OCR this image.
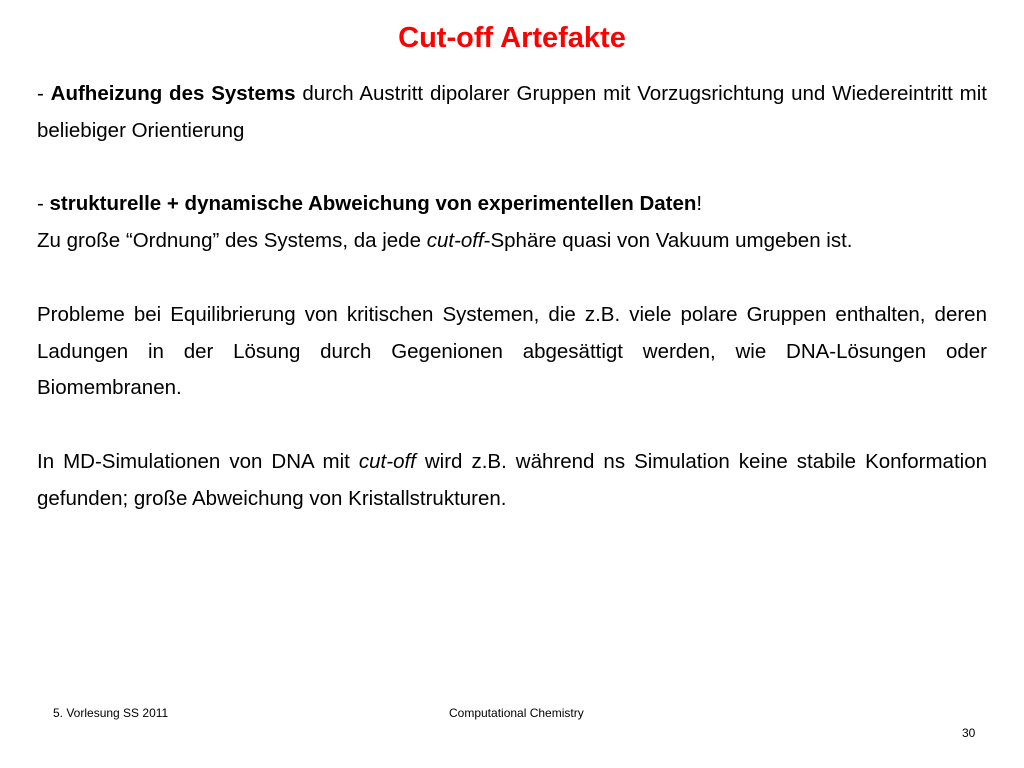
Cut-off Artefakte

- Aufheizung des Systems durch Austritt dipolarer Gruppen mit Vorzugsrichtung und Wiedereintritt mit beliebiger Orientierung

- strukturelle + dynamische Abweichung von experimentellen Daten!

Zu große “Ordnung” des Systems, da jede cut-off-Sphäre quasi von Vakuum umgeben ist.

Probleme bei Equilibrierung von kritischen Systemen, die z.B. viele polare Gruppen enthalten, deren Ladungen in der Lösung durch Gegenionen abgesättigt werden, wie DNA-Lösungen oder Biomembranen.

In MD-Simulationen von DNA mit cut-off wird z.B. während ns Simulation keine stabile Konformation gefunden; große Abweichung von Kristallstrukturen.

5. Vorlesung SS 2011	Computational Chemistry
30
